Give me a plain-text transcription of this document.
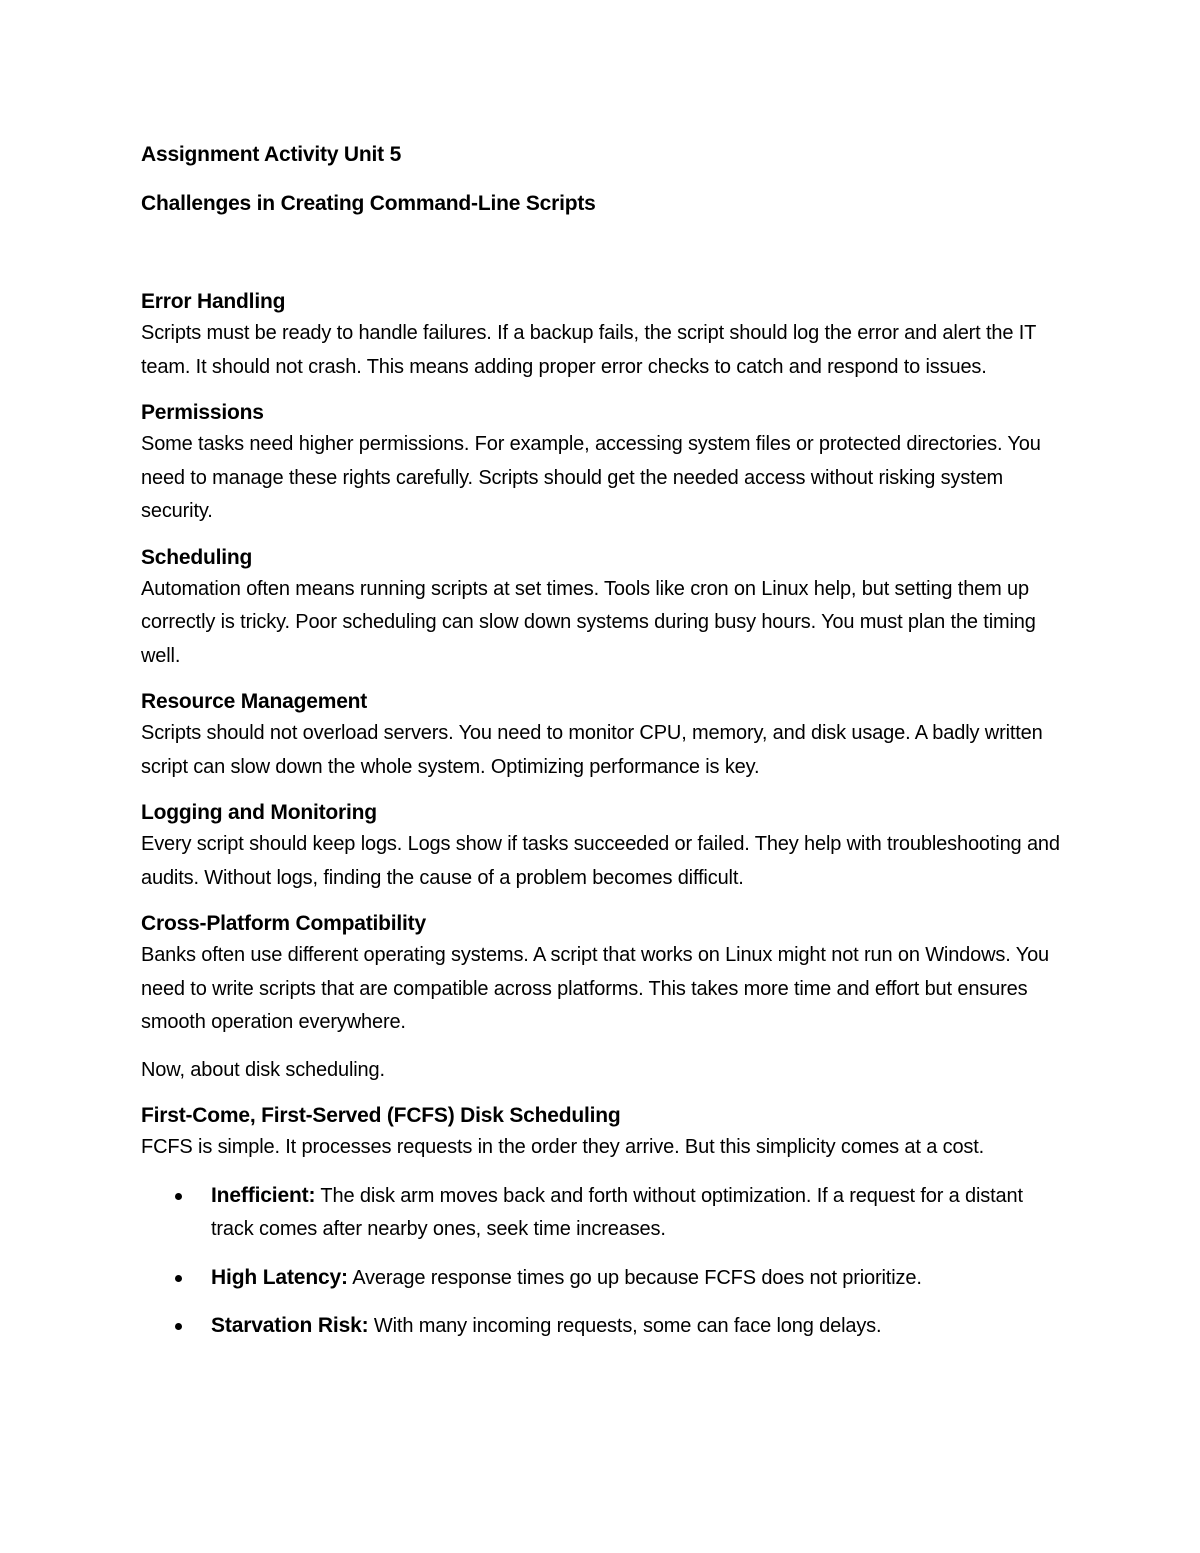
Assignment Activity Unit 5
Challenges in Creating Command-Line Scripts
Error Handling
Scripts must be ready to handle failures. If a backup fails, the script should log the error and alert the IT team. It should not crash. This means adding proper error checks to catch and respond to issues.
Permissions
Some tasks need higher permissions. For example, accessing system files or protected directories. You need to manage these rights carefully. Scripts should get the needed access without risking system security.
Scheduling
Automation often means running scripts at set times. Tools like cron on Linux help, but setting them up correctly is tricky. Poor scheduling can slow down systems during busy hours. You must plan the timing well.
Resource Management
Scripts should not overload servers. You need to monitor CPU, memory, and disk usage. A badly written script can slow down the whole system. Optimizing performance is key.
Logging and Monitoring
Every script should keep logs. Logs show if tasks succeeded or failed. They help with troubleshooting and audits. Without logs, finding the cause of a problem becomes difficult.
Cross-Platform Compatibility
Banks often use different operating systems. A script that works on Linux might not run on Windows. You need to write scripts that are compatible across platforms. This takes more time and effort but ensures smooth operation everywhere.
Now, about disk scheduling.
First-Come, First-Served (FCFS) Disk Scheduling
FCFS is simple. It processes requests in the order they arrive. But this simplicity comes at a cost.
Inefficient: The disk arm moves back and forth without optimization. If a request for a distant track comes after nearby ones, seek time increases.
High Latency: Average response times go up because FCFS does not prioritize.
Starvation Risk: With many incoming requests, some can face long delays.
